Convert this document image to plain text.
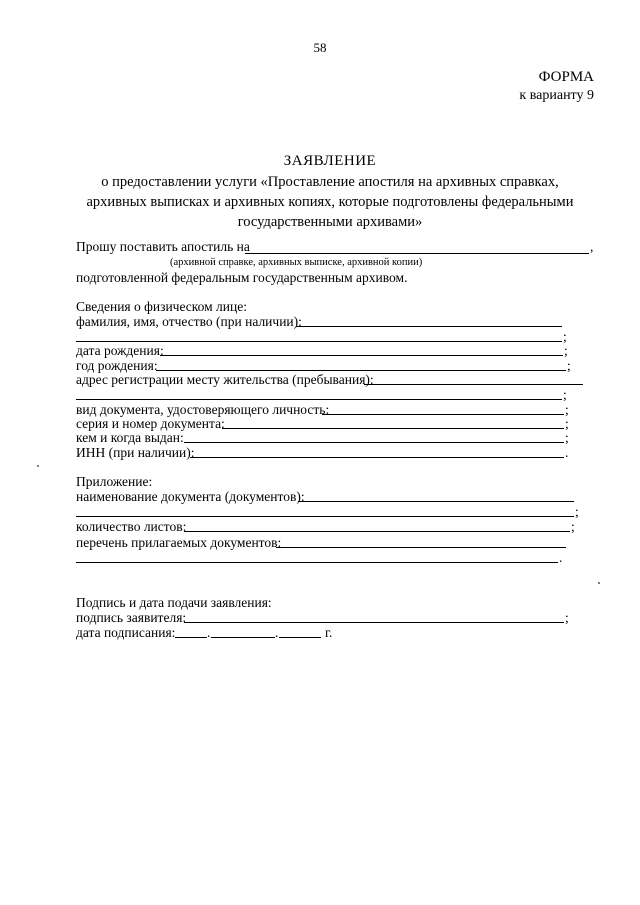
58
ФОРМА
к варианту 9
ЗАЯВЛЕНИЕ
о предоставлении услуги «Проставление апостиля на архивных справках, архивных выписках и архивных копиях, которые подготовлены федеральными государственными архивами»
Прошу поставить апостиль на	,
(архивной справке, архивных выписке, архивной копии)
подготовленной федеральным государственным архивом.
Сведения о физическом лице:
фамилия, имя, отчество (при наличии):
;
дата рождения:	;
год рождения:	;
адрес регистрации месту жительства (пребывания):
;
вид документа, удостоверяющего личность:	;
серия и номер документа:	;
кем и когда выдан:	;
ИНН (при наличии):	.
Приложение:
наименование документа (документов):
;
количество листов:	;
перечень прилагаемых документов:
.
Подпись и дата подачи заявления:
подпись заявителя:	;
дата подписания: .	.	г.
